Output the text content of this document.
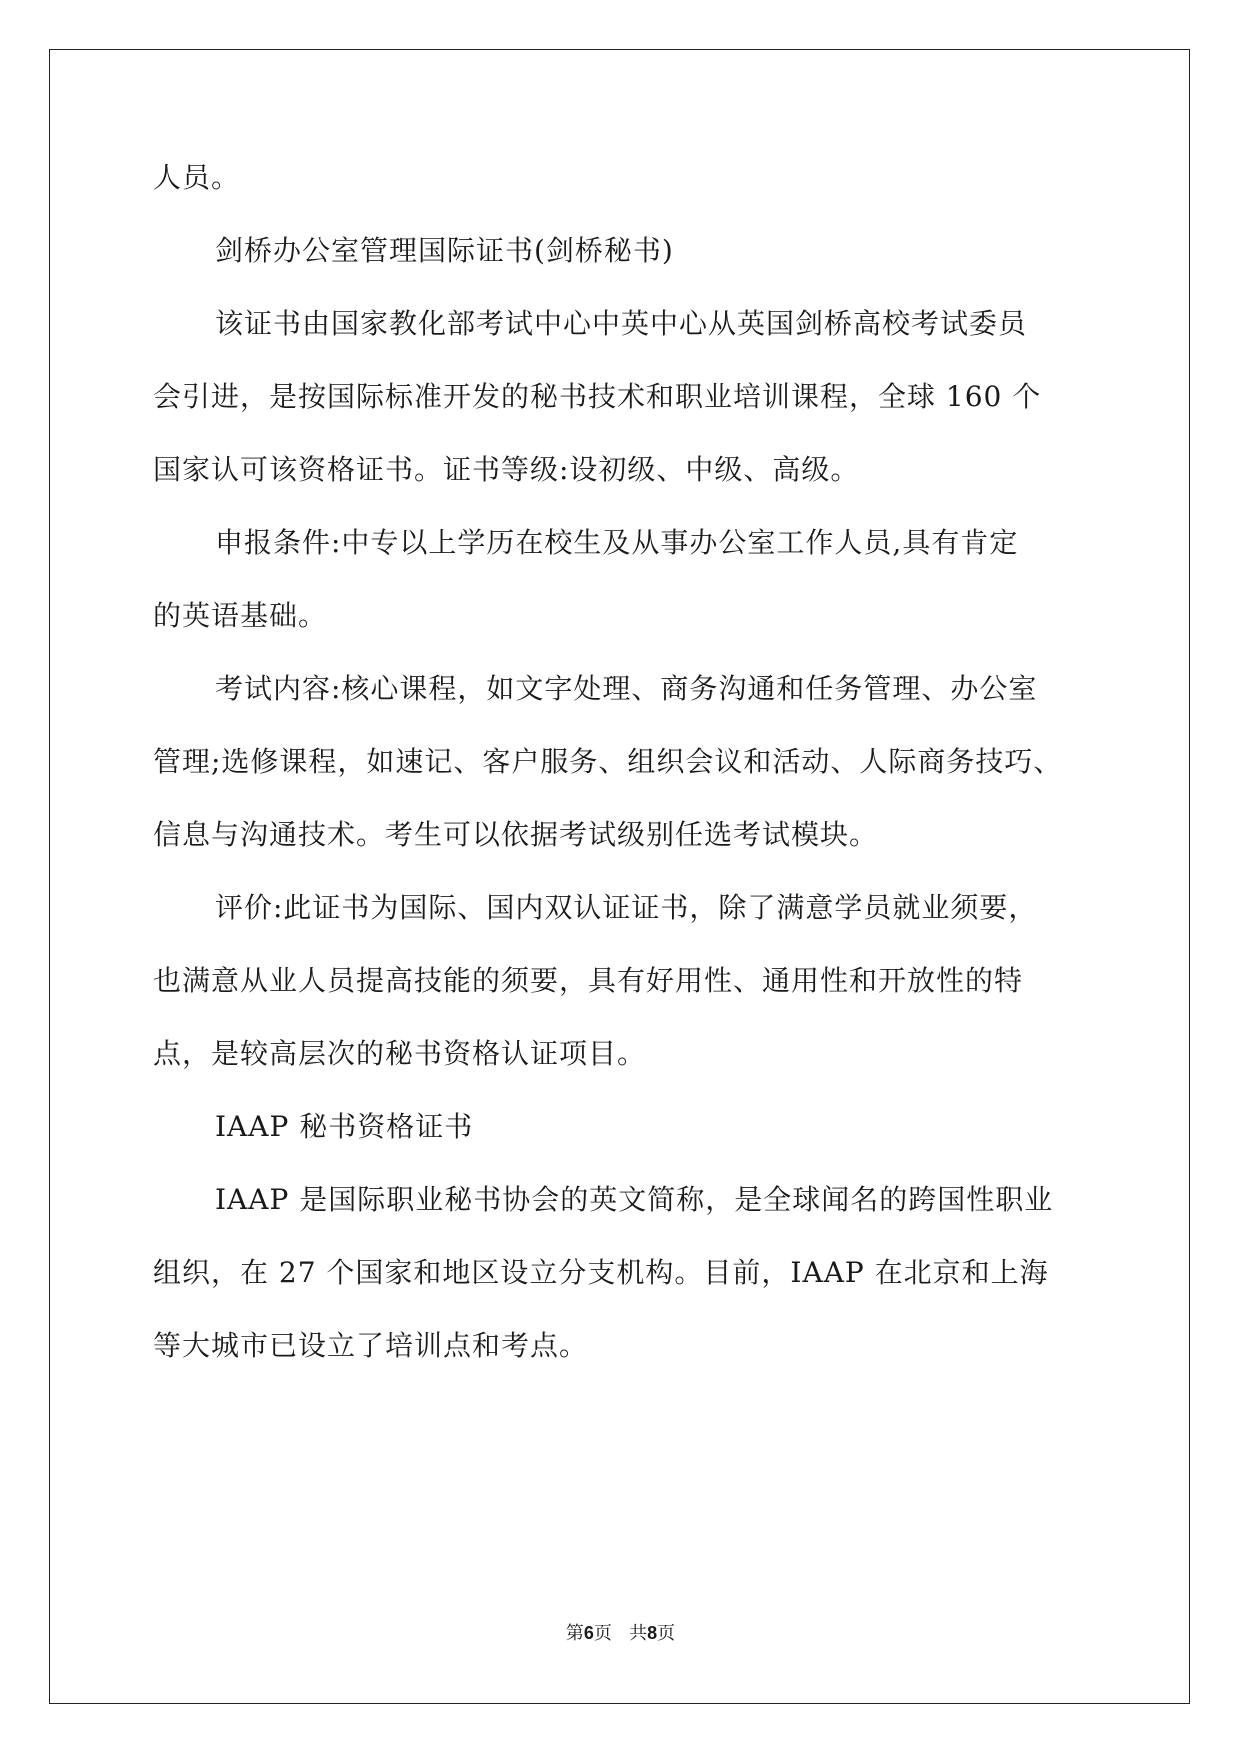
人员。
剑桥办公室管理国际证书(剑桥秘书)
该证书由国家教化部考试中心中英中心从英国剑桥高校考试委员
会引进，是按国际标准开发的秘书技术和职业培训课程，全球 160 个
国家认可该资格证书。证书等级:设初级、中级、高级。
申报条件:中专以上学历在校生及从事办公室工作人员,具有肯定
的英语基础。
考试内容:核心课程，如文字处理、商务沟通和任务管理、办公室
管理;选修课程，如速记、客户服务、组织会议和活动、人际商务技巧、
信息与沟通技术。考生可以依据考试级别任选考试模块。
评价:此证书为国际、国内双认证证书，除了满意学员就业须要，
也满意从业人员提高技能的须要，具有好用性、通用性和开放性的特
点，是较高层次的秘书资格认证项目。
IAAP 秘书资格证书
IAAP 是国际职业秘书协会的英文简称，是全球闻名的跨国性职业
组织，在 27 个国家和地区设立分支机构。目前，IAAP 在北京和上海
等大城市已设立了培训点和考点。
第6页 共8页
